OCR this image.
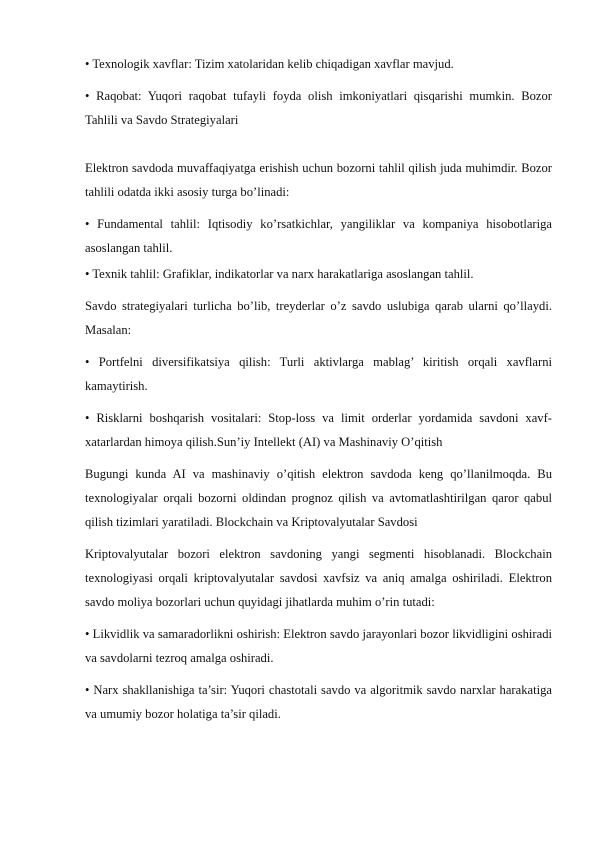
• Texnologik xavflar: Tizim xatolaridan kelib chiqadigan xavflar mavjud.

• Raqobat: Yuqori raqobat tufayli foyda olish imkoniyatlari qisqarishi mumkin. Bozor Tahlili va Savdo Strategiyalari

Elektron savdoda muvaffaqiyatga erishish uchun bozorni tahlil qilish juda muhimdir. Bozor tahlili odatda ikki asosiy turga bo’linadi:

• Fundamental tahlil: Iqtisodiy ko’rsatkichlar, yangiliklar va kompaniya hisobotlariga asoslangan tahlil.

• Texnik tahlil: Grafiklar, indikatorlar va narx harakatlariga asoslangan tahlil.

Savdo strategiyalari turlicha bo’lib, treyderlar o’z savdo uslubiga qarab ularni qo’llaydi. Masalan:

• Portfelni diversifikatsiya qilish: Turli aktivlarga mablag’ kiritish orqali xavflarni kamaytirish.

• Risklarni boshqarish vositalari: Stop-loss va limit orderlar yordamida savdoni xavf-xatarlardan himoya qilish.Sun’iy Intellekt (AI) va Mashinaviy O’qitish

Bugungi kunda AI va mashinaviy o’qitish elektron savdoda keng qo’llanilmoqda. Bu texnologiyalar orqali bozorni oldindan prognoz qilish va avtomatlashtirilgan qaror qabul qilish tizimlari yaratiladi. Blockchain va Kriptovalyutalar Savdosi

Kriptovalyutalar bozori elektron savdoning yangi segmenti hisoblanadi. Blockchain texnologiyasi orqali kriptovalyutalar savdosi xavfsiz va aniq amalga oshiriladi. Elektron savdo moliya bozorlari uchun quyidagi jihatlarda muhim o’rin tutadi:

• Likvidlik va samaradorlikni oshirish: Elektron savdo jarayonlari bozor likvidligini oshiradi va savdolarni tezroq amalga oshiradi.

• Narx shakllanishiga ta’sir: Yuqori chastotali savdo va algoritmik savdo narxlar harakatiga va umumiy bozor holatiga ta’sir qiladi.
